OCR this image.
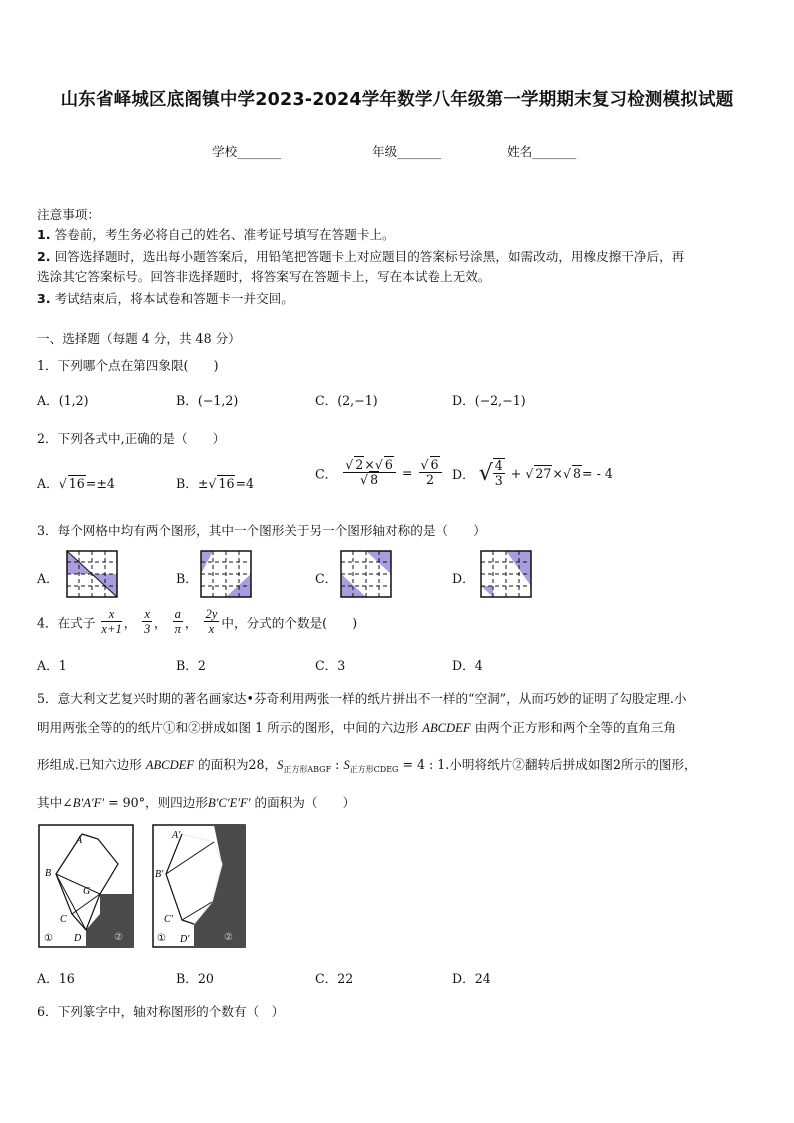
山东省峄城区底阁镇中学2023-2024学年数学八年级第一学期期末复习检测模拟试题
学校_______	年级_______	姓名_______
注意事项：
1. 答卷前，考生务必将自己的姓名、准考证号填写在答题卡上。
2. 回答选择题时，选出每小题答案后，用铅笔把答题卡上对应题目的答案标号涂黑，如需改动，用橡皮擦干净后，再
选涂其它答案标号。回答非选择题时，将答案写在答题卡上，写在本试卷上无效。
3. 考试结束后，将本试卷和答题卡一并交回。
一、选择题（每题 4 分，共 48 分）
1．下列哪个点在第四象限(　　)
A．(1,2)	B．(−1,2)	C．(2,−1)	D．(−2,−1)
2．下列各式中,正确的是（　　）
A．√ 16=±4	B．±√ 16=4
C． $\frac{√ 2\times√ 6}{√ 8} = \frac{√ 6}{2}$ D． √ $\frac{4}{3}$ + √ 27×√ 8= - 4
3．每个网格中均有两个图形，其中一个图形关于另一个图形轴对称的是（　　）
A．	B．	C．	D．
4．在式子 $\frac{x}{x+1}$ ， $\frac{x}{3}$ ， $\frac{a}{\pi}$ ， $\frac{2y}{x}$ 中，分式的个数是(　　)
A．1	B．2	C．3	D．4
5．意大利文艺复兴时期的著名画家达•芬奇利用两张一样的纸片拼出不一样的“空洞”，从而巧妙的证明了勾股定理.小
明用两张全等的的纸片①和②拼成如图 1 所示的图形，中间的六边形 ABCDEF 由两个正方形和两个全等的直角三角
形组成.已知六边形 ABCDEF 的面积为28，$S_{正方形ABGF}$ : $S_{正方形CDEG} = 4$ : 1.小明将纸片②翻转后拼成如图2所示的图形，
其中∠B′A′F′ = 90°，则四边形B′C′E′F′ 的面积为（　　）
A
B
G
C
D
①	②
A′
B′
C′
D′
①	②
A．16	B．20	C．22	D．24
6．下列篆字中，轴对称图形的个数有（　）
